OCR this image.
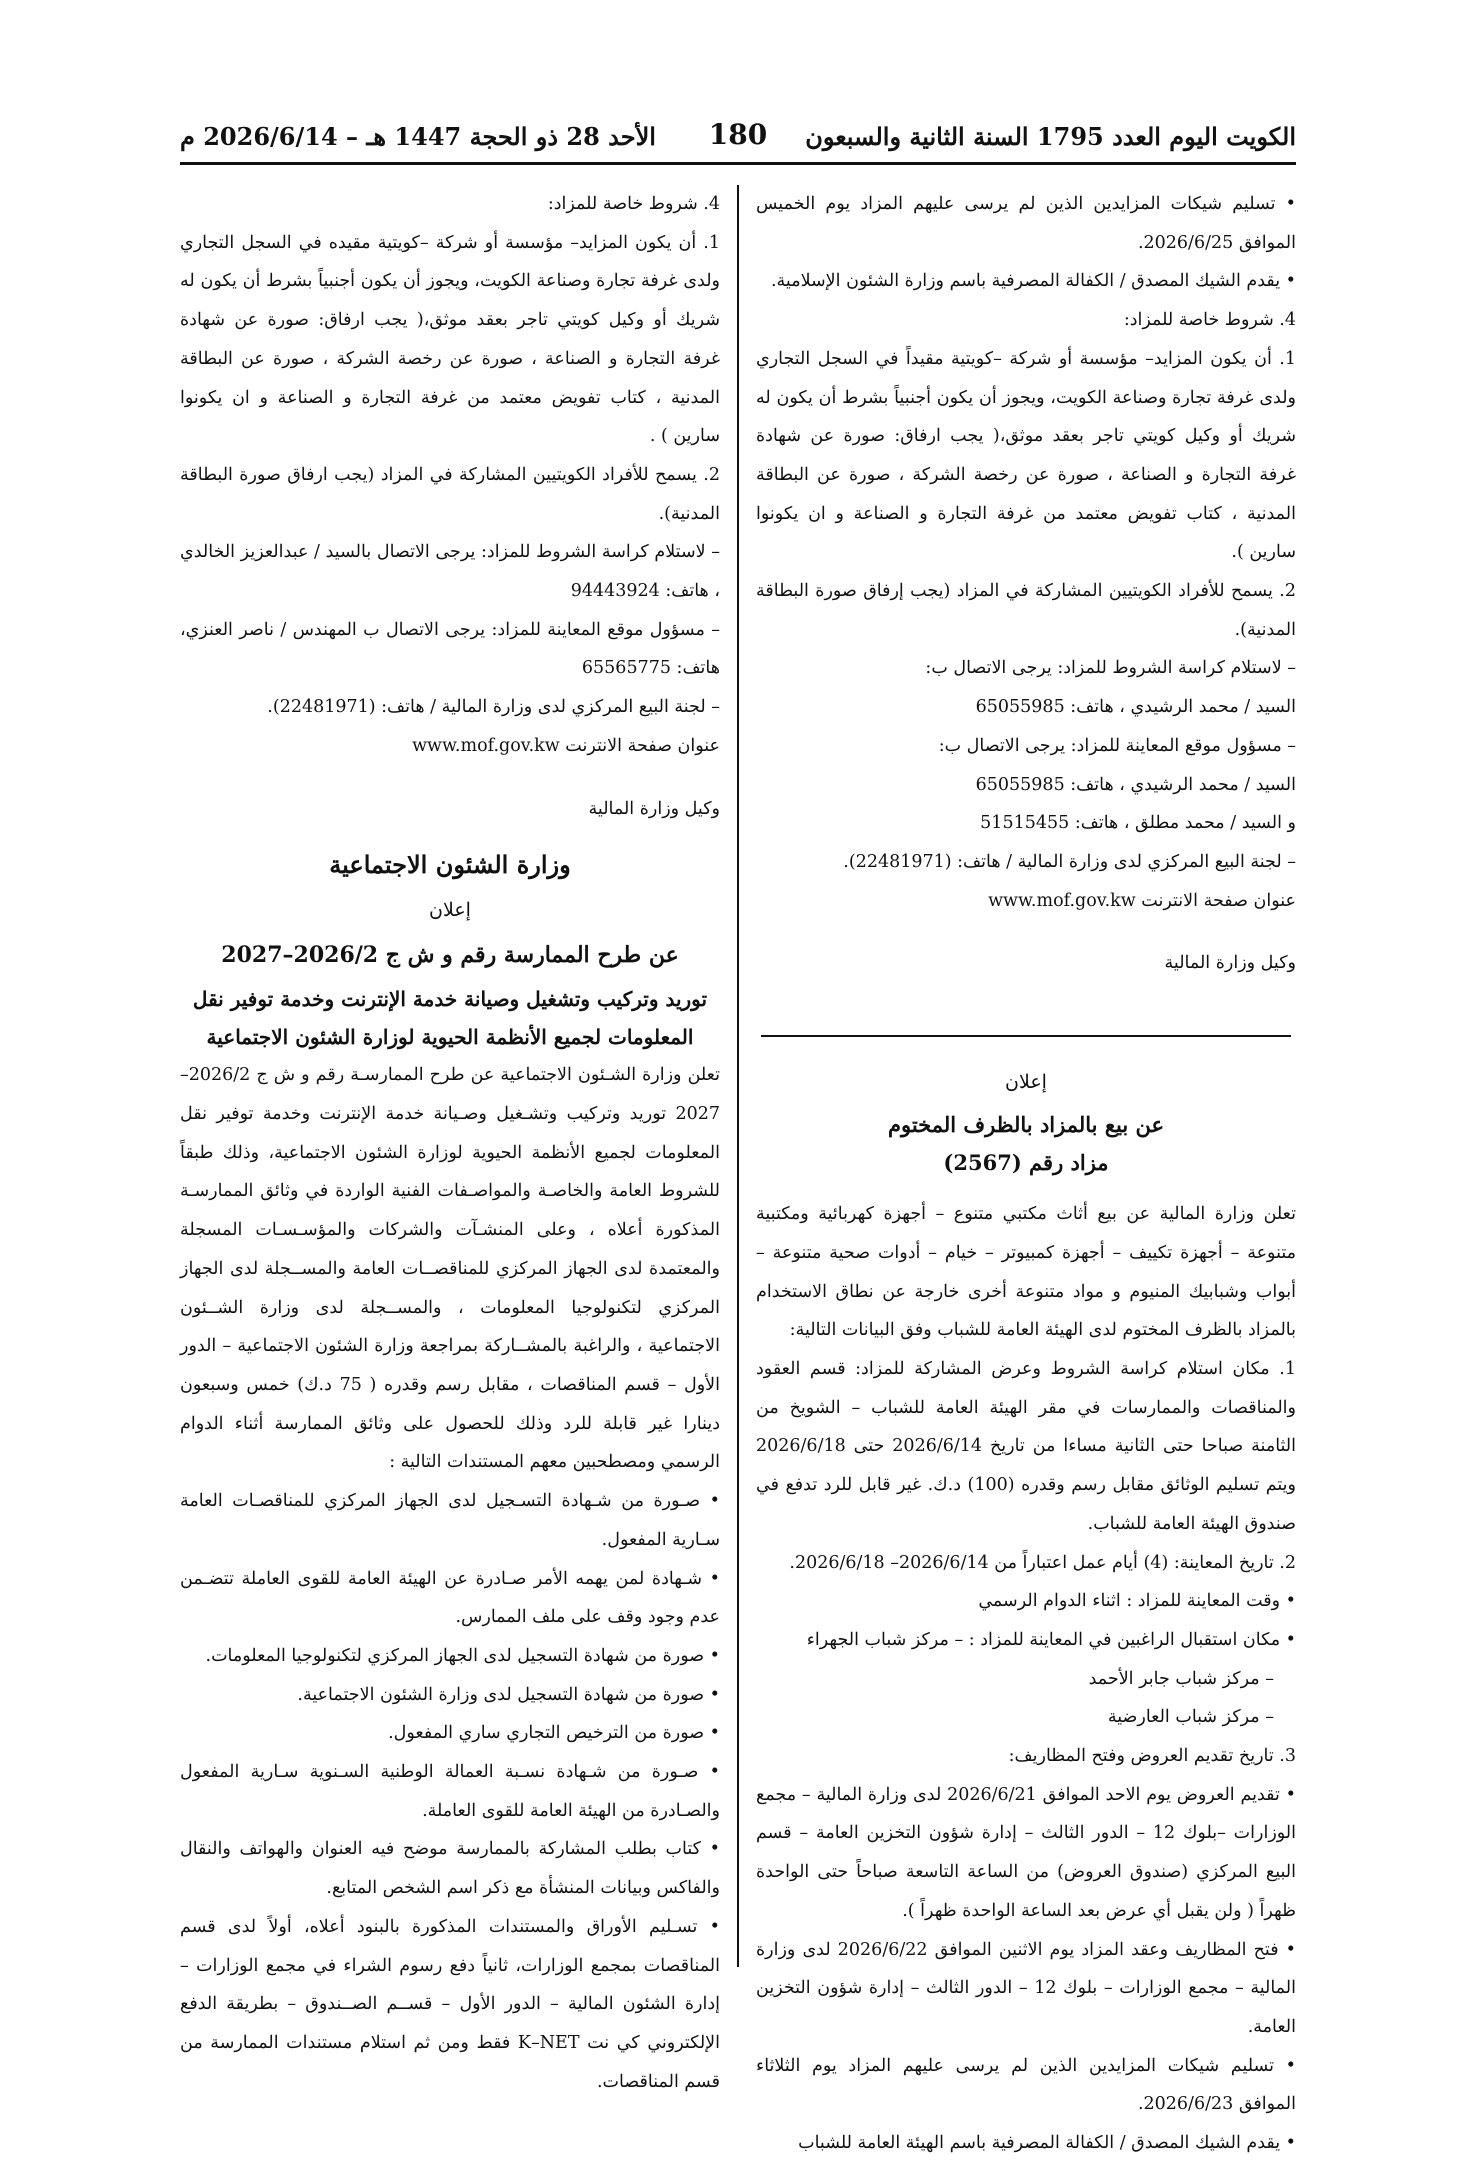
الكويت اليوم العدد 1795 السنة الثانية والسبعون
180
الأحد 28 ذو الحجة 1447 هـ – 2026/6/14 م

• تسليم شيكات المزايدين الذين لم يرسى عليهم المزاد يوم الخميس الموافق 2026/6/25.

• يقدم الشيك المصدق / الكفالة المصرفية باسم وزارة الشئون الإسلامية.

4. شروط خاصة للمزاد:

1. أن يكون المزايد– مؤسسة أو شركة –كويتية مقيداً في السجل التجاري ولدى غرفة تجارة وصناعة الكويت، ويجوز أن يكون أجنبياً بشرط أن يكون له شريك أو وكيل كويتي تاجر بعقد موثق،( يجب ارفاق: صورة عن شهادة غرفة التجارة و الصناعة ، صورة عن رخصة الشركة ، صورة عن البطاقة المدنية ، كتاب تفويض معتمد من غرفة التجارة و الصناعة و ان يكونوا سارين ).

2. يسمح للأفراد الكويتيين المشاركة في المزاد (يجب إرفاق صورة البطاقة المدنية).

– لاستلام كراسة الشروط للمزاد: يرجى الاتصال ب:

السيد / محمد الرشيدي ، هاتف: 65055985

– مسؤول موقع المعاينة للمزاد: يرجى الاتصال ب:

السيد / محمد الرشيدي ، هاتف: 65055985

و السيد / محمد مطلق ، هاتف: 51515455

– لجنة البيع المركزي لدى وزارة المالية / هاتف: (22481971).

عنوان صفحة الانترنت www.mof.gov.kw

وكيل وزارة المالية

إعلان
عن بيع بالمزاد بالظرف المختوم
مزاد رقم (2567)

تعلن وزارة المالية عن بيع أثاث مكتبي متنوع – أجهزة كهربائية ومكتبية متنوعة – أجهزة تكييف – أجهزة كمبيوتر – خيام – أدوات صحية متنوعة – أبواب وشبابيك المنيوم و مواد متنوعة أخرى خارجة عن نطاق الاستخدام بالمزاد بالظرف المختوم لدى الهيئة العامة للشباب وفق البيانات التالية:

1. مكان استلام كراسة الشروط وعرض المشاركة للمزاد: قسم العقود والمناقصات والممارسات في مقر الهيئة العامة للشباب – الشويخ من الثامنة صباحا حتى الثانية مساءا من تاريخ 2026/6/14 حتى 2026/6/18 ويتم تسليم الوثائق مقابل رسم وقدره (100) د.ك. غير قابل للرد تدفع في صندوق الهيئة العامة للشباب.

2. تاريخ المعاينة: (4) أيام عمل اعتباراً من 2026/6/14– 2026/6/18.

• وقت المعاينة للمزاد : اثناء الدوام الرسمي

• مكان استقبال الراغبين في المعاينة للمزاد : – مركز شباب الجهراء

– مركز شباب جابر الأحمد

– مركز شباب العارضية

3. تاريخ تقديم العروض وفتح المظاريف:

• تقديم العروض يوم الاحد الموافق 2026/6/21 لدى وزارة المالية – مجمع الوزارات –بلوك 12 – الدور الثالث – إدارة شؤون التخزين العامة – قسم البيع المركزي (صندوق العروض) من الساعة التاسعة صباحاً حتى الواحدة ظهراً ( ولن يقبل أي عرض بعد الساعة الواحدة ظهراً ).

• فتح المظاريف وعقد المزاد يوم الاثنين الموافق 2026/6/22 لدى وزارة المالية – مجمع الوزارات – بلوك 12 – الدور الثالث – إدارة شؤون التخزين العامة.

• تسليم شيكات المزايدين الذين لم يرسى عليهم المزاد يوم الثلاثاء الموافق 2026/6/23.

• يقدم الشيك المصدق / الكفالة المصرفية باسم الهيئة العامة للشباب

4. شروط خاصة للمزاد:

1. أن يكون المزايد– مؤسسة أو شركة –كويتية مقيده في السجل التجاري ولدى غرفة تجارة وصناعة الكويت، ويجوز أن يكون أجنبياً بشرط أن يكون له شريك أو وكيل كويتي تاجر بعقد موثق،( يجب ارفاق: صورة عن شهادة غرفة التجارة و الصناعة ، صورة عن رخصة الشركة ، صورة عن البطاقة المدنية ، كتاب تفويض معتمد من غرفة التجارة و الصناعة و ان يكونوا سارين ) .

2. يسمح للأفراد الكويتيين المشاركة في المزاد (يجب ارفاق صورة البطاقة المدنية).

– لاستلام كراسة الشروط للمزاد: يرجى الاتصال بالسيد / عبدالعزيز الخالدي ، هاتف: 94443924

– مسؤول موقع المعاينة للمزاد: يرجى الاتصال ب المهندس / ناصر العنزي، هاتف: 65565775

– لجنة البيع المركزي لدى وزارة المالية / هاتف: (22481971).

عنوان صفحة الانترنت www.mof.gov.kw

وكيل وزارة المالية

وزارة الشئون الاجتماعية
إعلان
عن طرح الممارسة رقم و ش ج 2026/2–2027
توريد وتركيب وتشغيل وصيانة خدمة الإنترنت وخدمة توفير نقل المعلومات لجميع الأنظمة الحيوية لوزارة الشئون الاجتماعية

تعلن وزارة الشـئون الاجتماعية عن طرح الممارسـة رقم و ش ج 2026/2–2027 توريد وتركيب وتشـغيل وصـيانة خدمة الإنترنت وخدمة توفير نقل المعلومات لجميع الأنظمة الحيوية لوزارة الشئون الاجتماعية، وذلك طبقاً للشروط العامة والخاصـة والمواصـفات الفنية الواردة في وثائق الممارسـة المذكورة أعلاه ، وعلى المنشـآت والشركات والمؤسـسـات المسجلة والمعتمدة لدى الجهاز المركزي للمناقصــات العامة والمســجلة لدى الجهاز المركزي لتكنولوجيا المعلومات ، والمســجلة لدى وزارة الشــئون الاجتماعية ، والراغبة بالمشــاركة بمراجعة وزارة الشئون الاجتماعية – الدور الأول – قسم المناقصات ، مقابل رسم وقدره ( 75 د.ك) خمس وسبعون دينارا غير قابلة للرد وذلك للحصول على وثائق الممارسة أثناء الدوام الرسمي ومصطحبين معهم المستندات التالية :

• صـورة من شـهادة التسـجيل لدى الجهاز المركزي للمناقصـات العامة سـارية المفعول.

• شـهادة لمن يهمه الأمر صـادرة عن الهيئة العامة للقوى العاملة تتضـمن عدم وجود وقف على ملف الممارس.

• صورة من شهادة التسجيل لدى الجهاز المركزي لتكنولوجيا المعلومات.

• صورة من شهادة التسجيل لدى وزارة الشئون الاجتماعية.

• صورة من الترخيص التجاري ساري المفعول.

• صـورة من شـهادة نسـبة العمالة الوطنية السـنوية سـارية المفعول والصـادرة من الهيئة العامة للقوى العاملة.

• كتاب بطلب المشاركة بالممارسة موضح فيه العنوان والهواتف والنقال والفاكس وبيانات المنشأة مع ذكر اسم الشخص المتابع.

• تسـليم الأوراق والمستندات المذكورة بالبنود أعلاه، أولاً لدى قسم المناقصات بمجمع الوزارات، ثانياً دفع رسوم الشراء في مجمع الوزارات – إدارة الشئون المالية – الدور الأول – قســم الصــندوق – بطريقة الدفع الإلكتروني كي نت K–NET فقط ومن ثم استلام مستندات الممارسة من قسم المناقصات.
